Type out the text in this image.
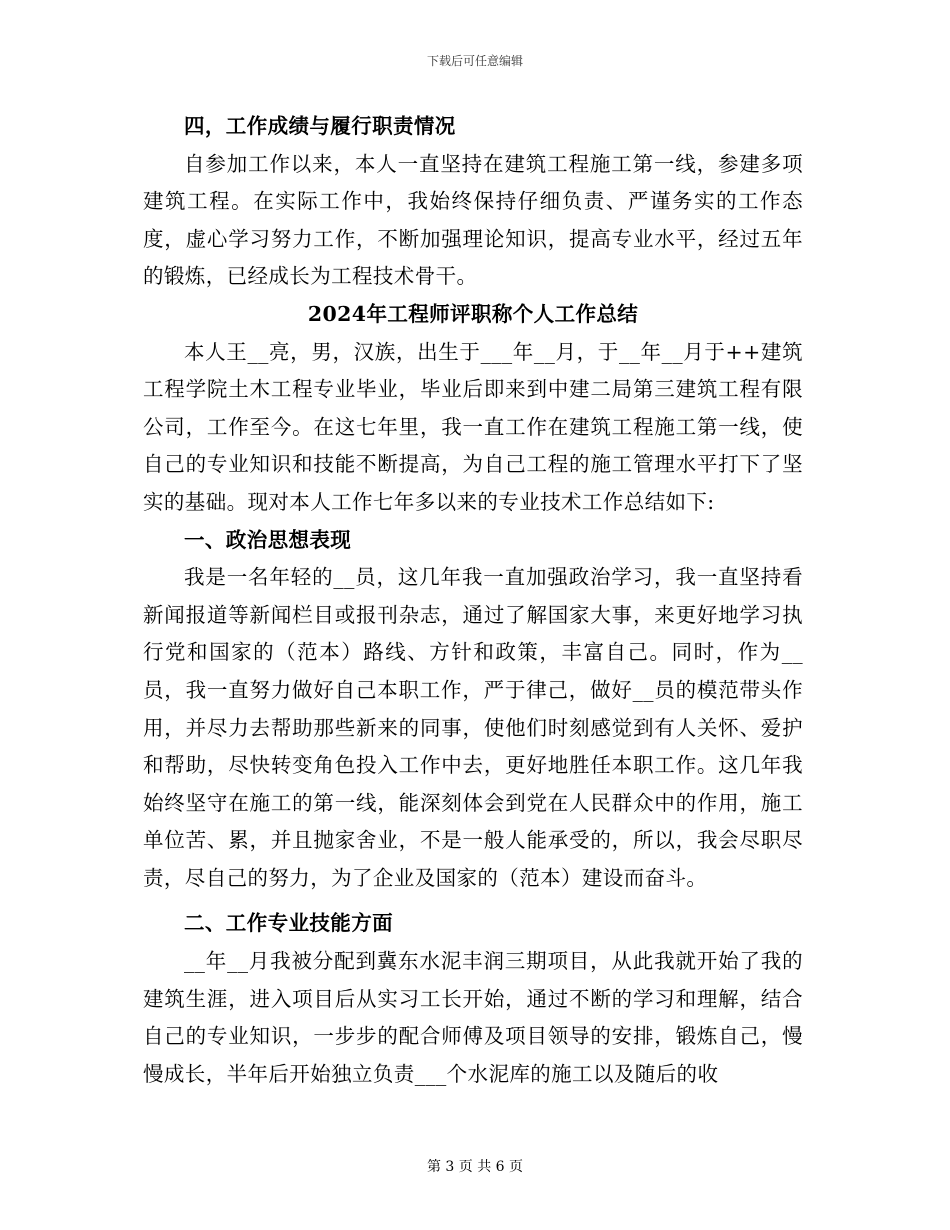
下载后可任意编辑

四，工作成绩与履行职责情况

自参加工作以来，本人一直坚持在建筑工程施工第一线，参建多项建筑工程。在实际工作中，我始终保持仔细负责、严谨务实的工作态度，虚心学习努力工作，不断加强理论知识，提高专业水平，经过五年的锻炼，已经成长为工程技术骨干。

2024年工程师评职称个人工作总结

本人王__亮，男，汉族，出生于___年__月，于__年__月于++建筑工程学院土木工程专业毕业，毕业后即来到中建二局第三建筑工程有限公司，工作至今。在这七年里，我一直工作在建筑工程施工第一线，使自己的专业知识和技能不断提高，为自己工程的施工管理水平打下了坚实的基础。现对本人工作七年多以来的专业技术工作总结如下:

一、政治思想表现

我是一名年轻的__员，这几年我一直加强政治学习，我一直坚持看新闻报道等新闻栏目或报刊杂志，通过了解国家大事，来更好地学习执行党和国家的（范本）路线、方针和政策，丰富自己。同时，作为__员，我一直努力做好自己本职工作，严于律己，做好__员的模范带头作用，并尽力去帮助那些新来的同事，使他们时刻感觉到有人关怀、爱护和帮助，尽快转变角色投入工作中去，更好地胜任本职工作。这几年我始终坚守在施工的第一线，能深刻体会到党在人民群众中的作用，施工单位苦、累，并且抛家舍业，不是一般人能承受的，所以，我会尽职尽责，尽自己的努力，为了企业及国家的（范本）建设而奋斗。

二、工作专业技能方面

__年__月我被分配到冀东水泥丰润三期项目，从此我就开始了我的建筑生涯，进入项目后从实习工长开始，通过不断的学习和理解，结合自己的专业知识，一步步的配合师傅及项目领导的安排，锻炼自己，慢慢成长，半年后开始独立负责___个水泥库的施工以及随后的收

第 3 页 共 6 页
